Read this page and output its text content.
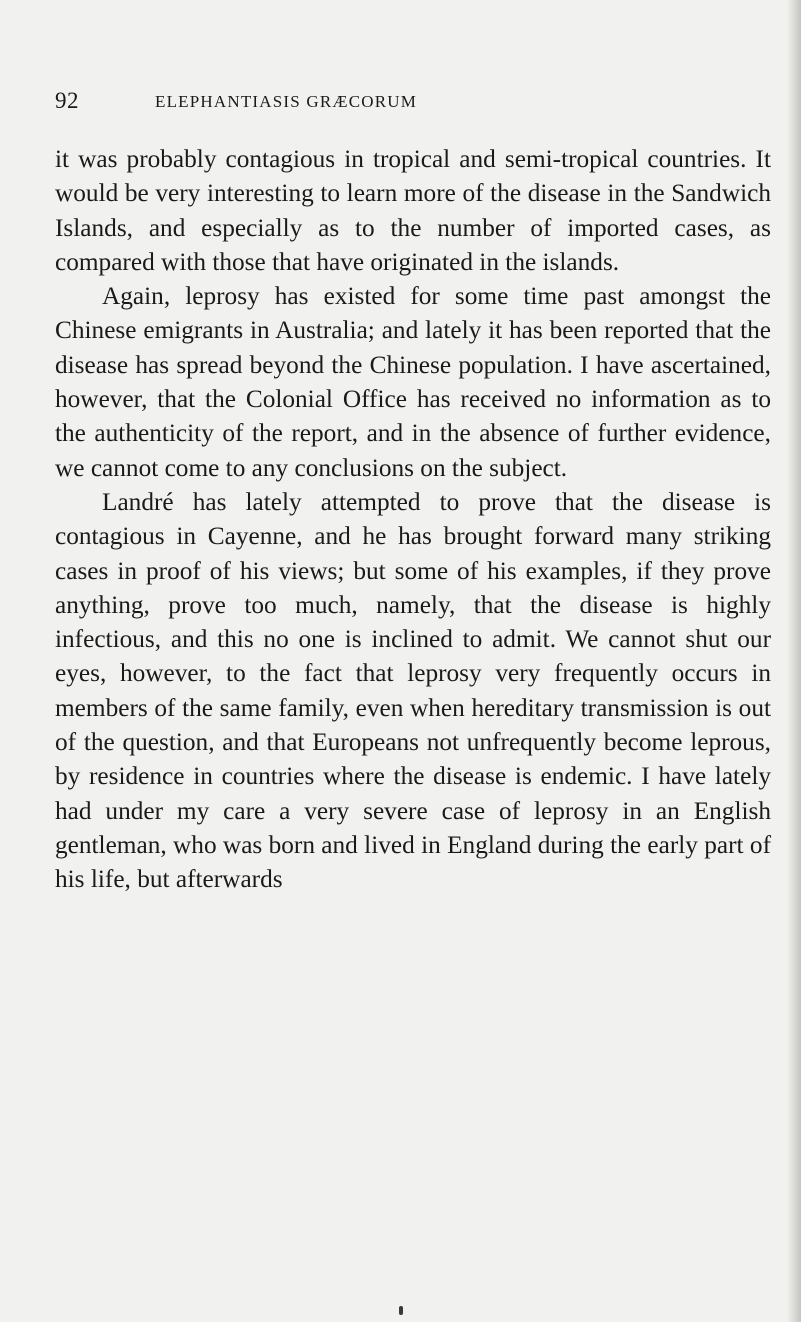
92	ELEPHANTIASIS GRÆCORUM

it was probably contagious in tropical and semi-tropical countries. It would be very interesting to learn more of the disease in the Sandwich Islands, and especially as to the number of imported cases, as compared with those that have originated in the islands.

Again, leprosy has existed for some time past amongst the Chinese emigrants in Australia; and lately it has been reported that the disease has spread beyond the Chinese population. I have ascertained, however, that the Colonial Office has received no information as to the authenticity of the report, and in the absence of further evidence, we cannot come to any conclusions on the subject.

Landré has lately attempted to prove that the disease is contagious in Cayenne, and he has brought forward many striking cases in proof of his views; but some of his examples, if they prove anything, prove too much, namely, that the disease is highly infectious, and this no one is inclined to admit. We cannot shut our eyes, however, to the fact that leprosy very frequently occurs in members of the same family, even when hereditary transmission is out of the question, and that Europeans not unfrequently become leprous, by residence in countries where the disease is endemic. I have lately had under my care a very severe case of leprosy in an English gentleman, who was born and lived in England during the early part of his life, but afterwards
